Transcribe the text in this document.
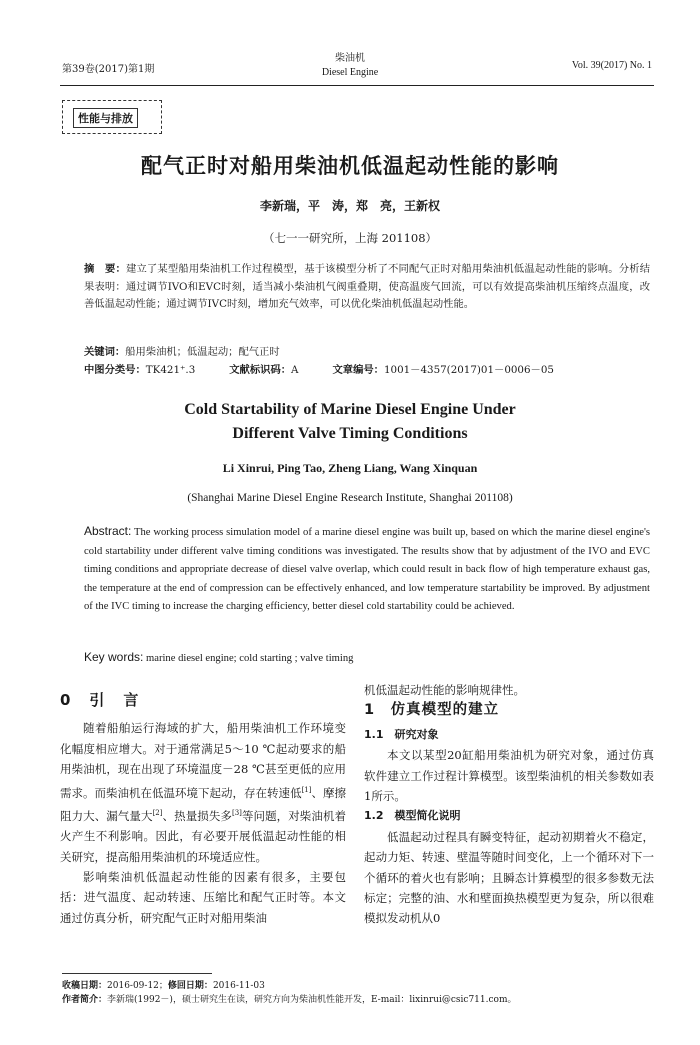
第39卷(2017)第1期
柴油机
Diesel Engine
Vol. 39(2017) No. 1
性能与排放
配气正时对船用柴油机低温起动性能的影响
李新瑞，平　涛，郑　亮，王新权
（七一一研究所，上海 201108）
摘　要：建立了某型船用柴油机工作过程模型，基于该模型分析了不同配气正时对船用柴油机低温起动性能的影响。分析结果表明：通过调节IVO和EVC时刻，适当减小柴油机气阀重叠期，使高温废气回流，可以有效提高柴油机压缩终点温度，改善低温起动性能；通过调节IVC时刻，增加充气效率，可以优化柴油机低温起动性能。
关键词：船用柴油机；低温起动；配气正时
中图分类号：TK421⁺.3	文献标识码：A	文章编号：1001－4357(2017)01－0006－05
Cold Startability of Marine Diesel Engine Under
Different Valve Timing Conditions
Li Xinrui, Ping Tao, Zheng Liang, Wang Xinquan
(Shanghai Marine Diesel Engine Research Institute, Shanghai 201108)
Abstract: The working process simulation model of a marine diesel engine was built up, based on which the marine diesel engine's cold startability under different valve timing conditions was investigated. The results show that by adjustment of the IVO and EVC timing conditions and appropriate decrease of diesel valve overlap, which could result in back flow of high temperature exhaust gas, the temperature at the end of compression can be effectively enhanced, and low temperature startability be improved. By adjustment of the IVC timing to increase the charging efficiency, better diesel cold startability could be achieved.
Key words: marine diesel engine; cold starting ; valve timing
0　引　言

随着船舶运行海域的扩大，船用柴油机工作环境变化幅度相应增大。对于通常满足5～10 ℃起动要求的船用柴油机，现在出现了环境温度－28 ℃甚至更低的应用需求。而柴油机在低温环境下起动，存在转速低[1]、摩擦阻力大、漏气量大[2]、热量损失多[3]等问题，对柴油机着火产生不利影响。因此，有必要开展低温起动性能的相关研究，提高船用柴油机的环境适应性。

影响柴油机低温起动性能的因素有很多，主要包括：进气温度、起动转速、压缩比和配气正时等。本文通过仿真分析，研究配气正时对船用柴油

机低温起动性能的影响规律性。

1　仿真模型的建立
1.1　研究对象

本文以某型20缸船用柴油机为研究对象，通过仿真软件建立工作过程计算模型。该型柴油机的相关参数如表1所示。

1.2　模型简化说明

低温起动过程具有瞬变特征，起动初期着火不稳定，起动力矩、转速、壁温等随时间变化，上一个循环对下一个循环的着火也有影响；且瞬态计算模型的很多参数无法标定；完整的油、水和壁面换热模型更为复杂，所以很难模拟发动机从0

收稿日期：2016-09-12；修回日期：2016-11-03
作者简介：李新瑞(1992－)，硕士研究生在读，研究方向为柴油机性能开发，E-mail：lixinrui@csic711.com。
